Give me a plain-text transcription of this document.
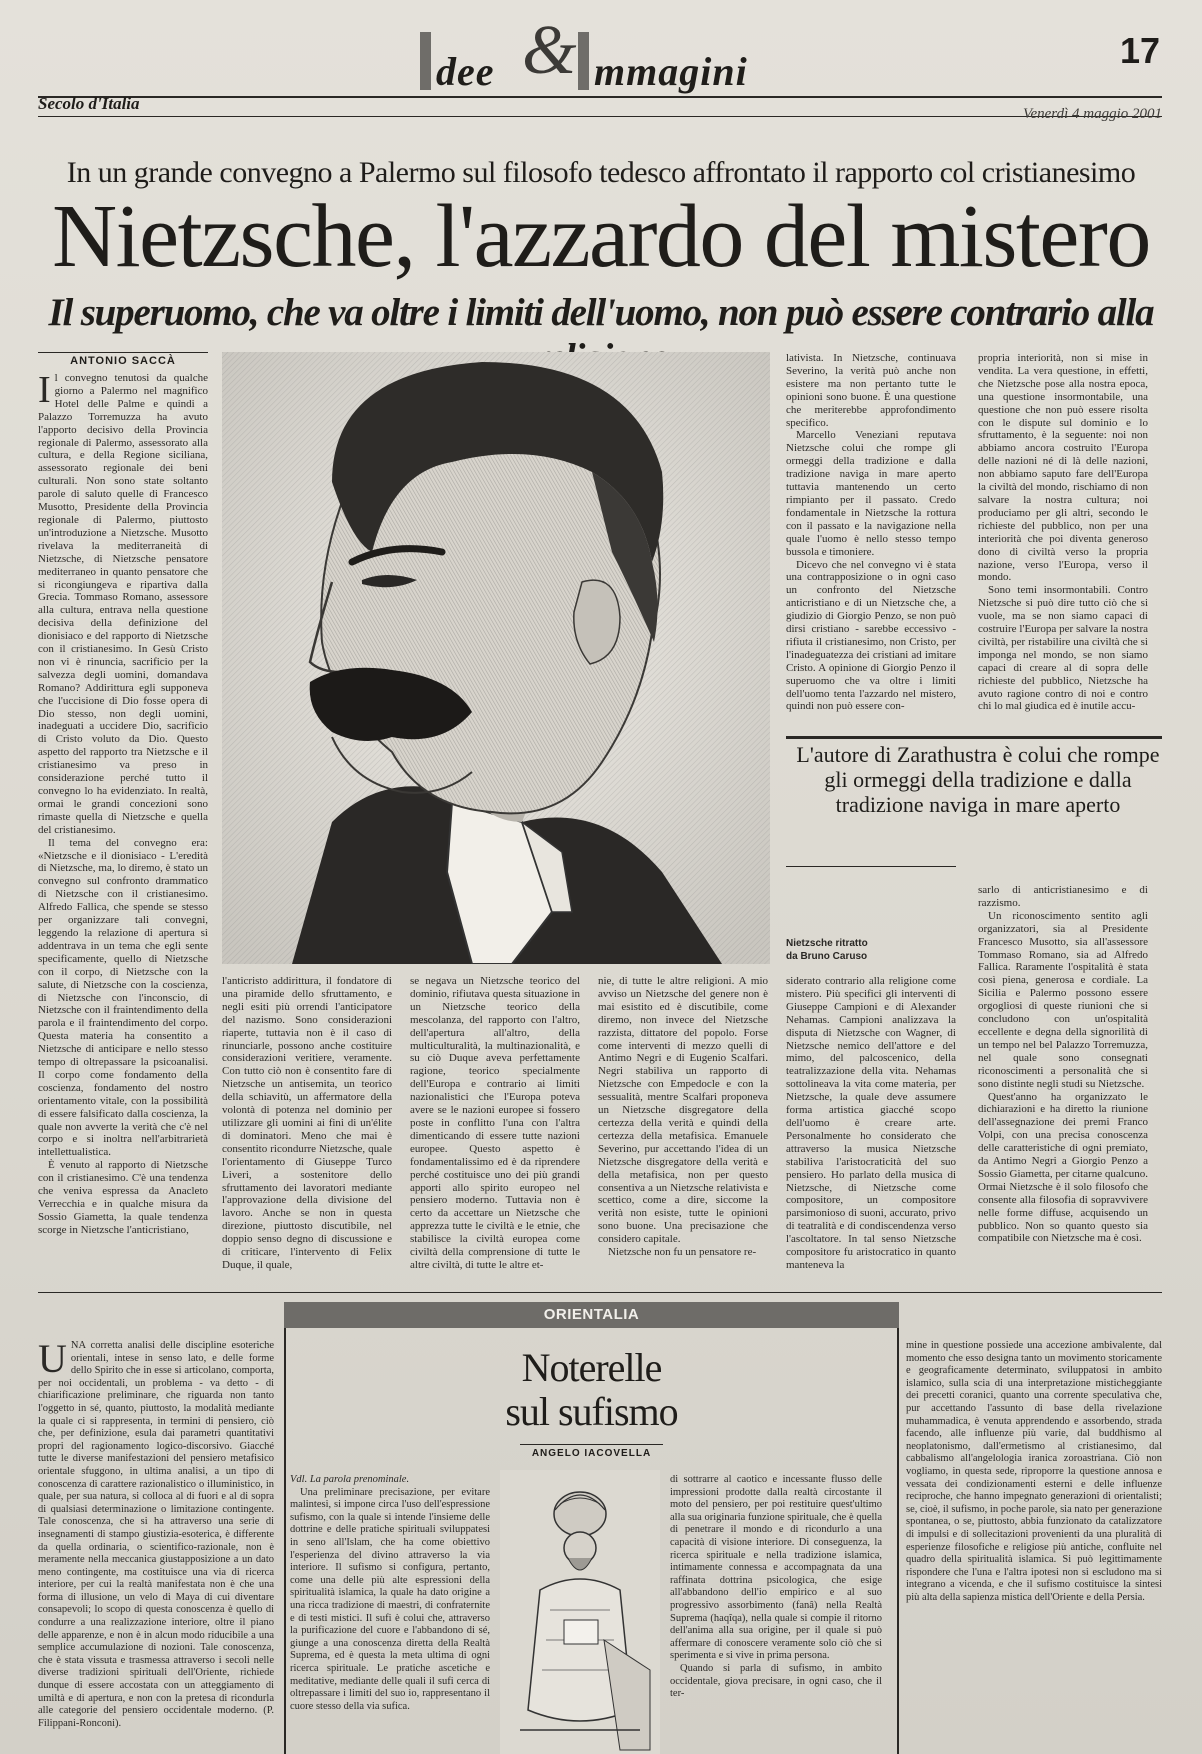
dee & mmagini	17
Secolo d'Italia
Venerdì 4 maggio 2001
In un grande convegno a Palermo sul filosofo tedesco affrontato il rapporto col cristianesimo
Nietzsche, l'azzardo del mistero
Il superuomo, che va oltre i limiti dell'uomo, non può essere contrario alla
ANTONIO SACCÀ

Il convegno tenutosi da qualche giorno a Palermo nel magnifico Hotel delle Palme e quindi a Palazzo Torremuzza ha avuto l'apporto decisivo della Provincia regionale di Palermo, assessorato alla cultura, e della Regione siciliana, assessorato regionale dei beni culturali. Non sono state soltanto parole di saluto quelle di Francesco Musotto, Presidente della Provincia regionale di Palermo, piuttosto un'introduzione a Nietzsche. Musotto rivelava la mediterraneità di Nietzsche, di Nietzsche pensatore mediterraneo in quanto pensatore che si ricongiungeva e ripartiva dalla Grecia. Tommaso Romano, assessore alla cultura, entrava nella questione decisiva della definizione del dionisiaco e del rapporto di Nietzsche con il cristianesimo. In Gesù Cristo non vi è rinuncia, sacrificio per la salvezza degli uomini, domandava Romano? Addirittura egli supponeva che l'uccisione di Dio fosse opera di Dio stesso, non degli uomini, inadeguati a uccidere Dio, sacrificio di Cristo voluto da Dio. Questo aspetto del rapporto tra Nietzsche e il cristianesimo va preso in considerazione perché tutto il convegno lo ha evidenziato. In realtà, ormai le grandi concezioni sono rimaste quella di Nietzsche e quella del cristianesimo.

Il tema del convegno era: «Nietzsche e il dionisiaco - L'eredità di Nietzsche, ma, lo diremo, è stato un convegno sul confronto drammatico di Nietzsche con il cristianesimo. Alfredo Fallica, che spende se stesso per organizzare tali convegni, leggendo la relazione di apertura si addentrava in un tema che egli sente specificamente, quello di Nietzsche con il corpo, di Nietzsche con la salute, di Nietzsche con la coscienza, di Nietzsche con l'inconscio, di Nietzsche con il fraintendimento della parola e il fraintendimento del corpo. Questa materia ha consentito a Nietzsche di anticipare e nello stesso tempo di oltrepassare la psicoanalisi. Il corpo come fondamento della coscienza, fondamento del nostro orientamento vitale, con la possibilità di essere falsificato dalla coscienza, la quale non avverte la verità che c'è nel corpo e si inoltra nell'arbitrarietà intellettualistica.

È venuto al rapporto di Nietzsche con il cristianesimo. C'è una tendenza che veniva espressa da Anacleto Verrecchia e in qualche misura da Sossio Giametta, la quale tendenza scorge in Nietzsche l'anticristiano,

lativista. In Nietzsche, continuava Severino, la verità può anche non esistere ma non pertanto tutte le opinioni sono buone. È una questione che meriterebbe approfondimento specifico.

Marcello Veneziani reputava Nietzsche colui che rompe gli ormeggi della tradizione e dalla tradizione naviga in mare aperto tuttavia mantenendo un certo rimpianto per il passato. Credo fondamentale in Nietzsche la rottura con il passato e la navigazione nella quale l'uomo è nello stesso tempo bussola e timoniere.

Dicevo che nel convegno vi è stata una contrapposizione o in ogni caso un confronto del Nietzsche anticristiano e di un Nietzsche che, a giudizio di Giorgio Penzo, se non può dirsi cristiano - sarebbe eccessivo - rifiuta il cristianesimo, non Cristo, per l'inadeguatezza dei cristiani ad imitare Cristo. A opinione di Giorgio Penzo il superuomo che va oltre i limiti dell'uomo tenta l'azzardo nel mistero, quindi non può essere con-

propria interiorità, non si mise in vendita. La vera questione, in effetti, che Nietzsche pose alla nostra epoca, una questione insormontabile, una questione che non può essere risolta con le dispute sul dominio e lo sfruttamento, è la seguente: noi non abbiamo ancora costruito l'Europa delle nazioni né di là delle nazioni, non abbiamo saputo fare dell'Europa la civiltà del mondo, rischiamo di non salvare la nostra cultura; noi produciamo per gli altri, secondo le richieste del pubblico, non per una interiorità che poi diventa generoso dono di civiltà verso la propria nazione, verso l'Europa, verso il mondo.

Sono temi insormontabili. Contro Nietzsche si può dire tutto ciò che si vuole, ma se non siamo capaci di costruire l'Europa per salvare la nostra civiltà, per ristabilire una civiltà che si imponga nel mondo, se non siamo capaci di creare al di sopra delle richieste del pubblico, Nietzsche ha avuto ragione contro di noi e contro chi lo mal giudica ed è inutile accu-

L'autore di Zarathustra è colui che rompe gli ormeggi della tradizione e dalla tradizione naviga in mare aperto
Nietzsche ritratto
da Bruno Caruso

sarlo di anticristianesimo e di razzismo.

Un riconoscimento sentito agli organizzatori, sia al Presidente Francesco Musotto, sia all'assessore Tommaso Romano, sia ad Alfredo Fallica. Raramente l'ospitalità è stata così piena, generosa e cordiale. La Sicilia e Palermo possono essere orgogliosi di queste riunioni che si concludono con un'ospitalità eccellente e degna della signorilità di un tempo nel bel Palazzo Torremuzza, nel quale sono consegnati riconoscimenti a personalità che si sono distinte negli studi su Nietzsche.

Quest'anno ha organizzato le dichiarazioni e ha diretto la riunione dell'assegnazione dei premi Franco Volpi, con una precisa conoscenza delle caratteristiche di ogni premiato, da Antimo Negri a Giorgio Penzo a Sossio Giametta, per citarne qualcuno. Ormai Nietzsche è il solo filosofo che consente alla filosofia di sopravvivere nelle forme diffuse, acquisendo un pubblico. Non so quanto questo sia compatibile con Nietzsche ma è così.

l'anticristo addirittura, il fondatore di una piramide dello sfruttamento, e negli esiti più orrendi l'anticipatore del nazismo. Sono considerazioni riaperte, tuttavia non è il caso di rinunciarle, possono anche costituire considerazioni veritiere, veramente. Con tutto ciò non è consentito fare di Nietzsche un antisemita, un teorico della schiavitù, un affermatore della volontà di potenza nel dominio per utilizzare gli uomini ai fini di un'élite di dominatori. Meno che mai è consentito ricondurre Nietzsche, quale l'orientamento di Giuseppe Turco Liveri, a sostenitore dello sfruttamento dei lavoratori mediante l'approvazione della divisione del lavoro. Anche se non in questa direzione, piuttosto discutibile, nel doppio senso degno di discussione e di criticare, l'intervento di Felix Duque, il quale,

se negava un Nietzsche teorico del dominio, rifiutava questa situazione in un Nietzsche teorico della mescolanza, del rapporto con l'altro, dell'apertura all'altro, della multiculturalità, la multinazionalità, e su ciò Duque aveva perfettamente ragione, teorico specialmente dell'Europa e contrario ai limiti nazionalistici che l'Europa poteva avere se le nazioni europee si fossero poste in conflitto l'una con l'altra dimenticando di essere tutte nazioni europee. Questo aspetto è fondamentalissimo ed è da riprendere perché costituisce uno dei più grandi apporti allo spirito europeo nel pensiero moderno. Tuttavia non è certo da accettare un Nietzsche che apprezza tutte le civiltà e le etnie, che stabilisce la civiltà europea come civiltà della comprensione di tutte le altre civiltà, di tutte le altre et-

nie, di tutte le altre religioni. A mio avviso un Nietzsche del genere non è mai esistito ed è discutibile, come diremo, non invece del Nietzsche razzista, dittatore del popolo. Forse come interventi di mezzo quelli di Antimo Negri e di Eugenio Scalfari. Negri stabiliva un rapporto di Nietzsche con Empedocle e con la sessualità, mentre Scalfari proponeva un Nietzsche disgregatore della certezza della verità e quindi della certezza della metafisica. Emanuele Severino, pur accettando l'idea di un Nietzsche disgregatore della verità e della metafisica, non per questo consentiva a un Nietzsche relativista e scettico, come a dire, siccome la verità non esiste, tutte le opinioni sono buone. Una precisazione che considero capitale.

Nietzsche non fu un pensatore re-

siderato contrario alla religione come mistero. Più specifici gli interventi di Giuseppe Campioni e di Alexander Nehamas. Campioni analizzava la disputa di Nietzsche con Wagner, di Nietzsche nemico dell'attore e del mimo, del palcoscenico, della teatralizzazione della vita. Nehamas sottolineava la vita come materia, per Nietzsche, la quale deve assumere forma artistica giacché scopo dell'uomo è creare arte. Personalmente ho considerato che attraverso la musica Nietzsche stabiliva l'aristocraticità del suo pensiero. Ho parlato della musica di Nietzsche, di Nietzsche come compositore, un compositore parsimonioso di suoni, accurato, privo di teatralità e di condiscendenza verso l'ascoltatore. In tal senso Nietzsche compositore fu aristocratico in quanto manteneva la

ORIENTALIA
Noterelle
sul sufismo
ANGELO IACOVELLA

UNA corretta analisi delle discipline esoteriche orientali, intese in senso lato, e delle forme dello Spirito che in esse si articolano, comporta, per noi occidentali, un problema - va detto - di chiarificazione preliminare, che riguarda non tanto l'oggetto in sé, quanto, piuttosto, la modalità mediante la quale ci si rappresenta, in termini di pensiero, ciò che, per definizione, esula dai parametri quantitativi propri del ragionamento logico-discorsivo. Giacché tutte le diverse manifestazioni del pensiero metafisico orientale sfuggono, in ultima analisi, a un tipo di conoscenza di carattere razionalistico o illuministico, in quale, per sua natura, si colloca al di fuori e al di sopra di qualsiasi determinazione o limitazione contingente. Tale conoscenza, che si ha attraverso una serie di insegnamenti di stampo giustizia-esoterica, è differente da quella ordinaria, o scientifico-razionale, non è meramente nella meccanica giustapposizione a un dato meno contingente, ma costituisce una via di ricerca interiore, per cui la realtà manifestata non è che una forma di illusione, un velo di Maya di cui diventare consapevoli; lo scopo di questa conoscenza è quello di condurre a una realizzazione interiore, oltre il piano delle apparenze, e non è in alcun modo riducibile a una semplice accumulazione di nozioni. Tale conoscenza, che è stata vissuta e trasmessa attraverso i secoli nelle diverse tradizioni spirituali dell'Oriente, richiede dunque di essere accostata con un atteggiamento di umiltà e di apertura, e non con la pretesa di ricondurla alle categorie del pensiero occidentale moderno. (P. Filippani-Ronconi).

Vdl. La parola prenominale.

Una preliminare precisazione, per evitare malintesi, si impone circa l'uso dell'espressione sufismo, con la quale si intende l'insieme delle dottrine e delle pratiche spirituali sviluppatesi in seno all'Islam, che ha come obiettivo l'esperienza del divino attraverso la via interiore. Il sufismo si configura, pertanto, come una delle più alte espressioni della spiritualità islamica, la quale ha dato origine a una ricca tradizione di maestri, di confraternite e di testi mistici. Il sufi è colui che, attraverso la purificazione del cuore e l'abbandono di sé, giunge a una conoscenza diretta della Realtà Suprema, ed è questa la meta ultima di ogni ricerca spirituale. Le pratiche ascetiche e meditative, mediante delle quali il sufi cerca di oltrepassare i limiti del suo io, rappresentano il cuore stesso della via sufica.

di sottrarre al caotico e incessante flusso delle impressioni prodotte dalla realtà circostante il moto del pensiero, per poi restituire quest'ultimo alla sua originaria funzione spirituale, che è quella di penetrare il mondo e di ricondurlo a una capacità di visione interiore. Di conseguenza, la ricerca spirituale e nella tradizione islamica, intimamente connessa e accompagnata da una raffinata dottrina psicologica, che esige all'abbandono dell'io empirico e al suo progressivo assorbimento (fanâ) nella Realtà Suprema (haqîqa), nella quale si compie il ritorno dell'anima alla sua origine, per il quale si può affermare di conoscere veramente solo ciò che si sperimenta e si vive in prima persona.

Quando si parla di sufismo, in ambito occidentale, giova precisare, in ogni caso, che il ter-

mine in questione possiede una accezione ambivalente, dal momento che esso designa tanto un movimento storicamente e geograficamente determinato, sviluppatosi in ambito islamico, sulla scia di una interpretazione misticheggiante dei precetti coranici, quanto una corrente speculativa che, pur accettando l'assunto di base della rivelazione muhammadica, è venuta apprendendo e assorbendo, strada facendo, alle influenze più varie, dal buddhismo al neoplatonismo, dall'ermetismo al cristianesimo, dal cabbalismo all'angelologia iranica zoroastriana. Ciò non vogliamo, in questa sede, riproporre la questione annosa e vessata dei condizionamenti esterni e delle influenze reciproche, che hanno impegnato generazioni di orientalisti; se, cioè, il sufismo, in poche parole, sia nato per generazione spontanea, o se, piuttosto, abbia funzionato da catalizzatore di impulsi e di sollecitazioni provenienti da una pluralità di esperienze filosofiche e religiose più antiche, confluite nel quadro della spiritualità islamica. Si può legittimamente rispondere che l'una e l'altra ipotesi non si escludono ma si integrano a vicenda, e che il sufismo costituisce la sintesi più alta della sapienza mistica dell'Oriente e della Persia.
